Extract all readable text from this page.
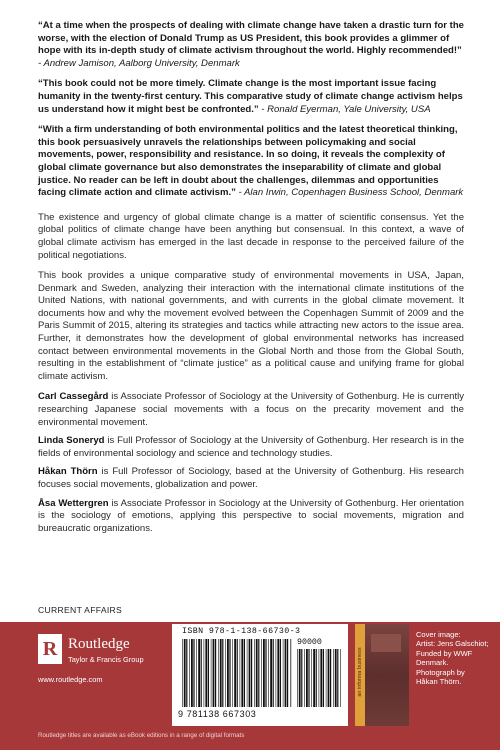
“At a time when the prospects of dealing with climate change have taken a drastic turn for the worse, with the election of Donald Trump as US President, this book provides a glimmer of hope with its in-depth study of climate activism throughout the world. Highly recommended!” - Andrew Jamison, Aalborg University, Denmark
“This book could not be more timely. Climate change is the most important issue facing humanity in the twenty-first century. This comparative study of climate change activism helps us understand how it might best be confronted.” - Ronald Eyerman, Yale University, USA
“With a firm understanding of both environmental politics and the latest theoretical thinking, this book persuasively unravels the relationships between policymaking and social movements, power, responsibility and resistance. In so doing, it reveals the complexity of global climate governance but also demonstrates the inseparability of climate and global justice. No reader can be left in doubt about the challenges, dilemmas and opportunities facing climate action and climate activism.” - Alan Irwin, Copenhagen Business School, Denmark

The existence and urgency of global climate change is a matter of scientific consensus. Yet the global politics of climate change have been anything but consensual. In this context, a wave of global climate activism has emerged in the last decade in response to the perceived failure of the political negotiations.

This book provides a unique comparative study of environmental movements in USA, Japan, Denmark and Sweden, analyzing their interaction with the international climate institutions of the United Nations, with national governments, and with currents in the global climate movement. It documents how and why the movement evolved between the Copenhagen Summit of 2009 and the Paris Summit of 2015, altering its strategies and tactics while attracting new actors to the issue area. Further, it demonstrates how the development of global environmental networks has increased contact between environmental movements in the Global North and those from the Global South, resulting in the establishment of “climate justice” as a political cause and unifying frame for global climate activism.

Carl Cassegård is Associate Professor of Sociology at the University of Gothenburg. He is currently researching Japanese social movements with a focus on the precarity movement and the environmental movement.

Linda Soneryd is Full Professor of Sociology at the University of Gothenburg. Her research is in the fields of environmental sociology and science and technology studies.

Håkan Thörn is Full Professor of Sociology, based at the University of Gothenburg. His research focuses social movements, globalization and power.

Åsa Wettergren is Associate Professor in Sociology at the University of Gothenburg. Her orientation is the sociology of emotions, applying this perspective to social movements, migration and bureaucratic organizations.

CURRENT AFFAIRS
R Routledge
Taylor & Francis Group
www.routledge.com
ISBN 978-1-138-66730-3
90000
9 781138 667303
an informa business
Cover image:
Artist: Jens Galschiot;
Funded by WWF
Denmark.
Photograph by
Håkan Thörn.
Routledge titles are available as eBook editions in a range of digital formats
